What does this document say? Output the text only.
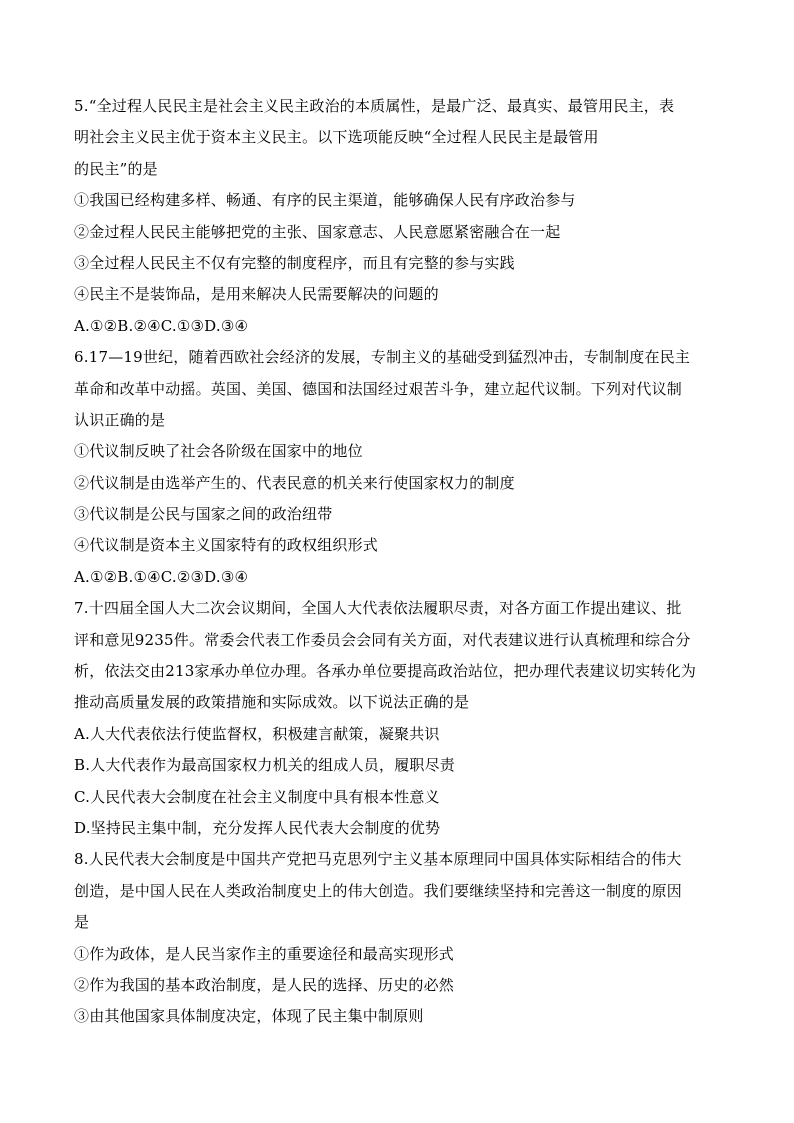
5.“全过程人民民主是社会主义民主政治的本质属性，是最广泛、最真实、最管用民主，表
明社会主义民主优于资本主义民主。以下选项能反映“全过程人民民主是最管用
的民主”的是
①我国已经构建多样、畅通、有序的民主渠道，能够确保人民有序政治参与
②金过程人民民主能够把党的主张、国家意志、人民意愿紧密融合在一起
③全过程人民民主不仅有完整的制度程序，而且有完整的参与实践
④民主不是装饰品，是用来解决人民需要解决的问题的
A.①②B.②④C.①③D.③④
6.17—19世纪，随着西欧社会经济的发展，专制主义的基础受到猛烈冲击，专制制度在民主
革命和改革中动摇。英国、美国、德国和法国经过艰苦斗争，建立起代议制。下列对代议制
认识正确的是
①代议制反映了社会各阶级在国家中的地位
②代议制是由选举产生的、代表民意的机关来行使国家权力的制度
③代议制是公民与国家之间的政治纽带
④代议制是资本主义国家特有的政权组织形式
A.①②B.①④C.②③D.③④
7.十四届全国人大二次会议期间，全国人大代表依法履职尽责，对各方面工作提出建议、批
评和意见9235件。常委会代表工作委员会会同有关方面，对代表建议进行认真梳理和综合分
析，依法交由213家承办单位办理。各承办单位要提高政治站位，把办理代表建议切实转化为
推动高质量发展的政策措施和实际成效。以下说法正确的是
A.人大代表依法行使监督权，积极建言献策，凝聚共识
B.人大代表作为最高国家权力机关的组成人员，履职尽责
C.人民代表大会制度在社会主义制度中具有根本性意义
D.坚持民主集中制，充分发挥人民代表大会制度的优势
8.人民代表大会制度是中国共产党把马克思列宁主义基本原理同中国具体实际相结合的伟大
创造，是中国人民在人类政治制度史上的伟大创造。我们要继续坚持和完善这一制度的原因
是
①作为政体，是人民当家作主的重要途径和最高实现形式
②作为我国的基本政治制度，是人民的选择、历史的必然
③由其他国家具体制度决定，体现了民主集中制原则
